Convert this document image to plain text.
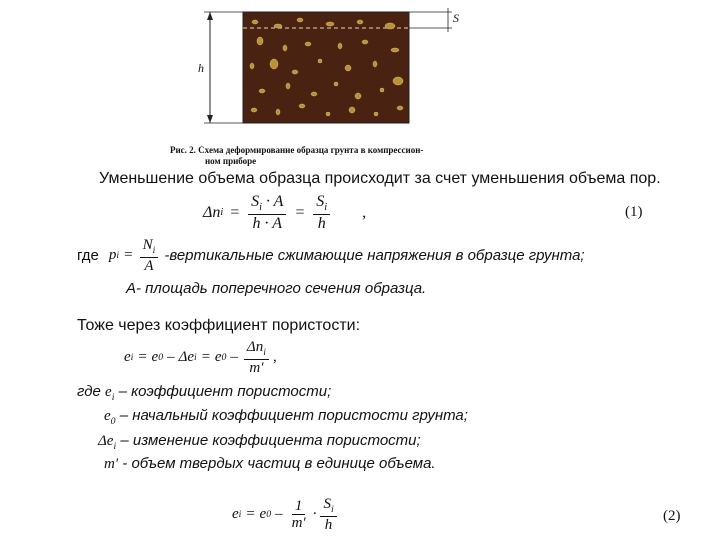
h
S
Рис. 2. Схема деформирование образца грунта в компрессион-
ном приборе
Уменьшение объема образца происходит за счет уменьшения объема пор.
Δn $i = \frac{S_i \cdot A}{h \cdot A} = \frac{S_i}{h}$ ,	(1)
где p $i = \frac{N_i}{A}$ -вертикальные сжимающие напряжения в образце грунта;
А- площадь поперечного сечения образца.
Тоже через коэффициент пористости:
e i = e 0 – Δe i = e $0 - \frac{\Delta n_i}{m'}$ ,
где $e_i$ – коэффициент пористости;
$e_0$ – начальный коэффициент пористости грунта;
$\Delta e_i$ – изменение коэффициента пористости;
m′ - объем твердых частиц в единице объема.
e i = e $0 - \frac{1}{m'} \cdot \frac{S_i}{h}$	(2)
